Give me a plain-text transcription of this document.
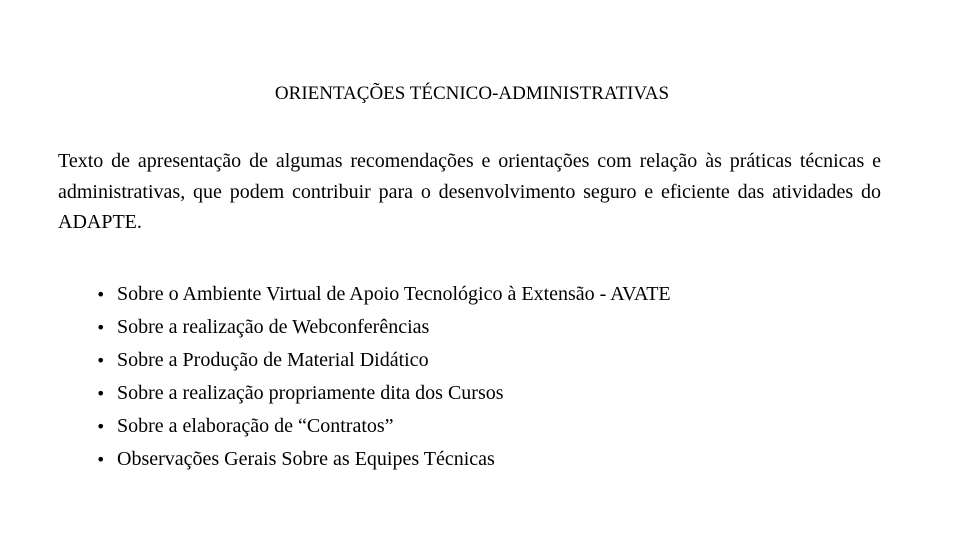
ORIENTAÇÕES TÉCNICO-ADMINISTRATIVAS
Texto de apresentação de algumas recomendações e orientações com relação às práticas técnicas e administrativas, que podem contribuir para o desenvolvimento seguro e eficiente das atividades do ADAPTE.
• Sobre o Ambiente Virtual de Apoio Tecnológico à Extensão - AVATE
• Sobre a realização de Webconferências
• Sobre a Produção de Material Didático
• Sobre a realização propriamente dita dos Cursos
• Sobre a elaboração de “Contratos”
• Observações Gerais Sobre as Equipes Técnicas
